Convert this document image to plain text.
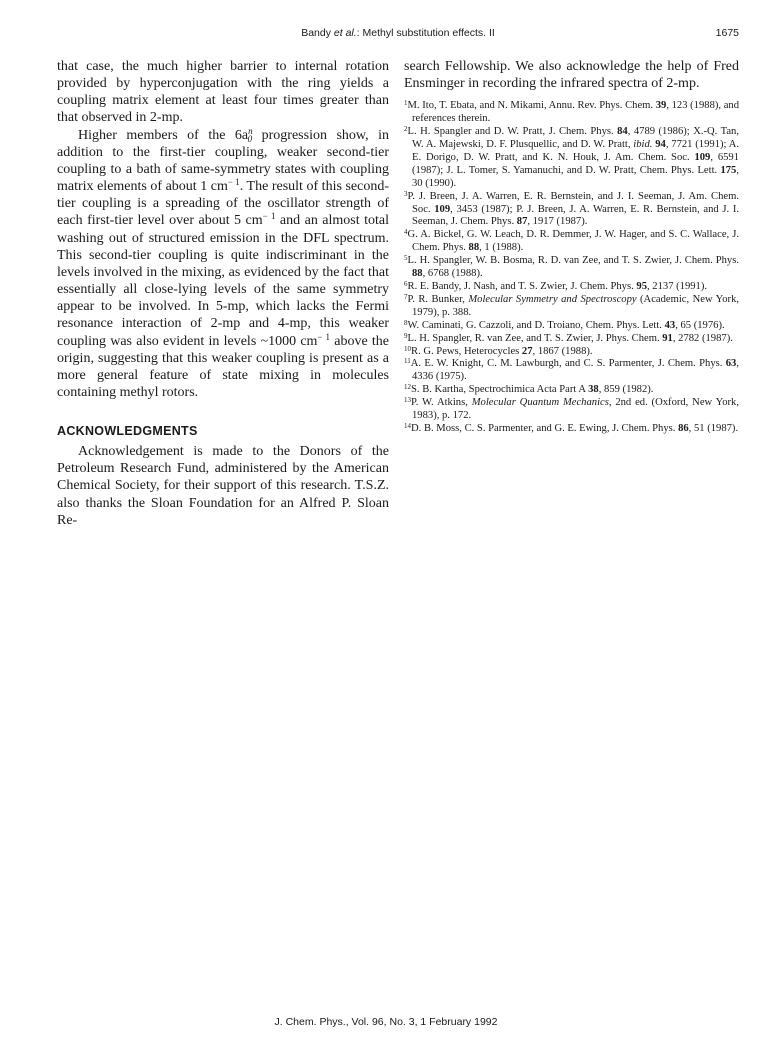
Bandy et al.: Methyl substitution effects. II	1675

that case, the much higher barrier to internal rotation provided by hyperconjugation with the ring yields a coupling matrix element at least four times greater than that observed in 2-mp.

Higher members of the $6a^n_0$ progression show, in addition to the first-tier coupling, weaker second-tier coupling to a bath of same-symmetry states with coupling matrix elements of about 1 $cm^{- 1}$. The result of this second-tier coupling is a spreading of the oscillator strength of each first-tier level over about 5 $cm^{- 1}$ and an almost total washing out of structured emission in the DFL spectrum. This second-tier coupling is quite indiscriminant in the levels involved in the mixing, as evidenced by the fact that essentially all close-lying levels of the same symmetry appear to be involved. In 5-mp, which lacks the Fermi resonance interaction of 2-mp and 4-mp, this weaker coupling was also evident in levels ~1000 $cm^{- 1}$ above the origin, suggesting that this weaker coupling is present as a more general feature of state mixing in molecules containing methyl rotors.

ACKNOWLEDGMENTS

Acknowledgement is made to the Donors of the Petroleum Research Fund, administered by the American Chemical Society, for their support of this research. T.S.Z. also thanks the Sloan Foundation for an Alfred P. Sloan Re-

search Fellowship. We also acknowledge the help of Fred Ensminger in recording the infrared spectra of 2-mp.

$^1$M. Ito, T. Ebata, and N. Mikami, Annu. Rev. Phys. Chem. 39, 123 (1988), and references therein.
$^2$L. H. Spangler and D. W. Pratt, J. Chem. Phys. 84, 4789 (1986); X.-Q. Tan, W. A. Majewski, D. F. Plusquellic, and D. W. Pratt, ibid. 94, 7721 (1991); A. E. Dorigo, D. W. Pratt, and K. N. Houk, J. Am. Chem. Soc. 109, 6591 (1987); J. L. Tomer, S. Yamanuchi, and D. W. Pratt, Chem. Phys. Lett. 175, 30 (1990).
$^3$P. J. Breen, J. A. Warren, E. R. Bernstein, and J. I. Seeman, J. Am. Chem. Soc. 109, 3453 (1987); P. J. Breen, J. A. Warren, E. R. Bernstein, and J. I. Seeman, J. Chem. Phys. 87, 1917 (1987).
$^4$G. A. Bickel, G. W. Leach, D. R. Demmer, J. W. Hager, and S. C. Wallace, J. Chem. Phys. 88, 1 (1988).
$^5$L. H. Spangler, W. B. Bosma, R. D. van Zee, and T. S. Zwier, J. Chem. Phys. 88, 6768 (1988).
$^6$R. E. Bandy, J. Nash, and T. S. Zwier, J. Chem. Phys. 95, 2137 (1991).
$^7$P. R. Bunker, Molecular Symmetry and Spectroscopy (Academic, New York, 1979), p. 388.
$^8$W. Caminati, G. Cazzoli, and D. Troiano, Chem. Phys. Lett. 43, 65 (1976).
$^9$L. H. Spangler, R. van Zee, and T. S. Zwier, J. Phys. Chem. 91, 2782 (1987).
$^{10}$R. G. Pews, Heterocycles 27, 1867 (1988).
$^{11}$A. E. W. Knight, C. M. Lawburgh, and C. S. Parmenter, J. Chem. Phys. 63, 4336 (1975).
$^{12}$S. B. Kartha, Spectrochimica Acta Part A 38, 859 (1982).
$^{13}$P. W. Atkins, Molecular Quantum Mechanics, 2nd ed. (Oxford, New York, 1983), p. 172.
$^{14}$D. B. Moss, C. S. Parmenter, and G. E. Ewing, J. Chem. Phys. 86, 51 (1987).
J. Chem. Phys., Vol. 96, No. 3, 1 February 1992
